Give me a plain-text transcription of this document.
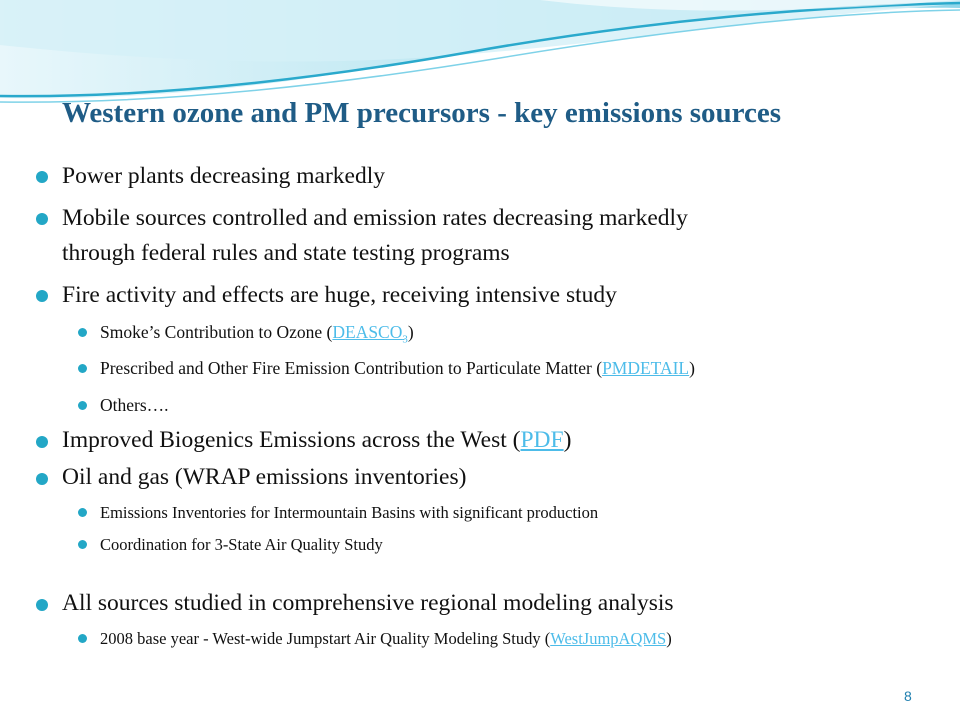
Western ozone and PM precursors - key emissions sources
Power plants decreasing markedly
Mobile sources controlled and emission rates decreasing markedly
through federal rules and state testing programs
Fire activity and effects are huge, receiving intensive study
Smoke’s Contribution to Ozone $(DEASCO_3)$
Prescribed and Other Fire Emission Contribution to Particulate Matter (PMDETAIL)
Others….
Improved Biogenics Emissions across the West (PDF)
Oil and gas (WRAP emissions inventories)
Emissions Inventories for Intermountain Basins with significant production
Coordination for 3-State Air Quality Study
All sources studied in comprehensive regional modeling analysis
2008 base year - West-wide Jumpstart Air Quality Modeling Study (WestJumpAQMS)
8
